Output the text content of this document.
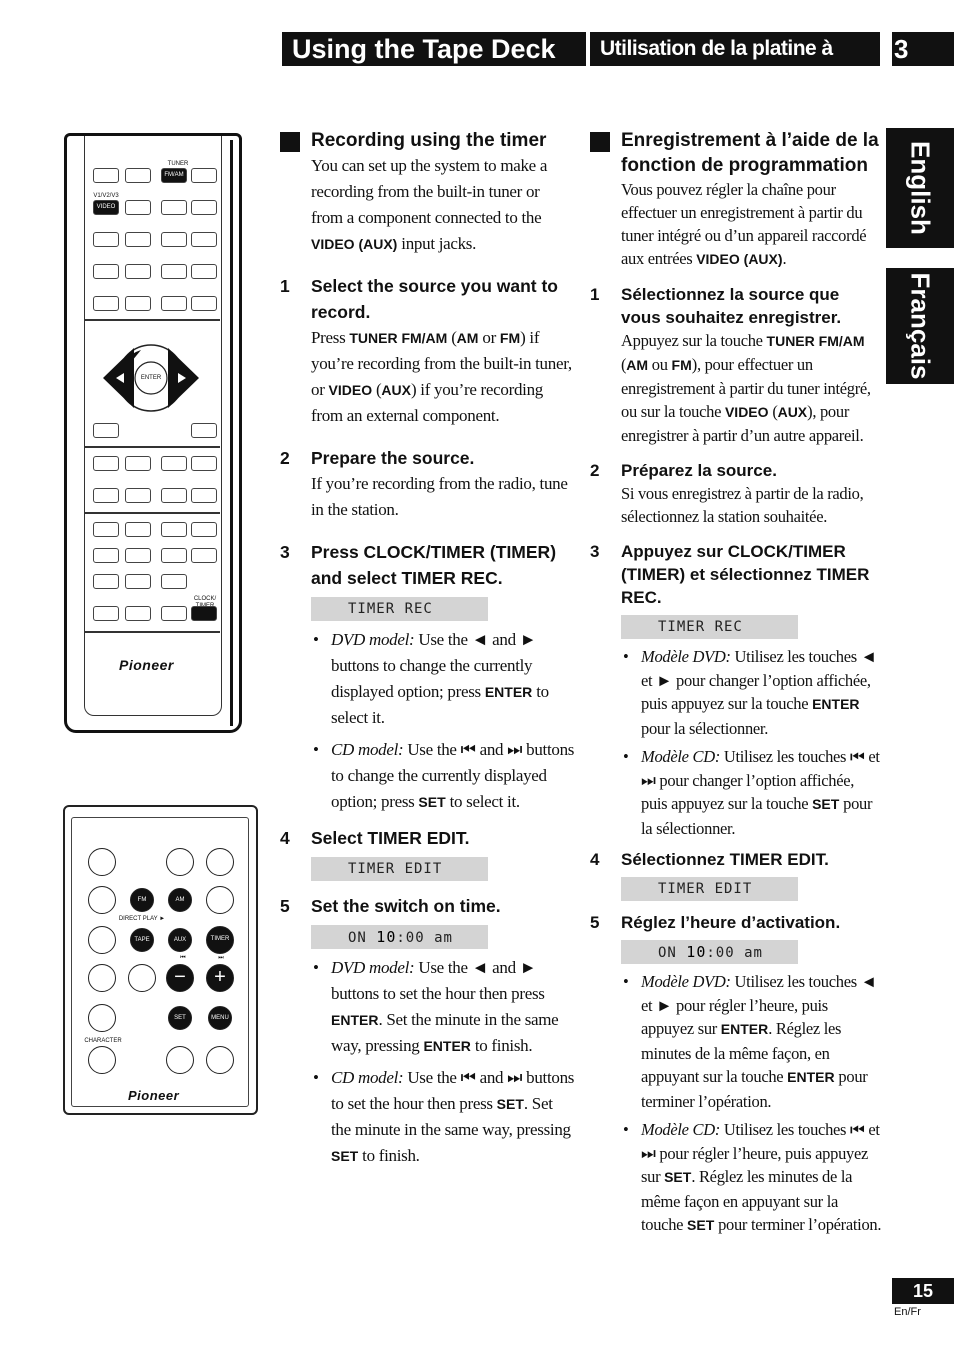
Using the Tape Deck	Utilisation de la platine à cassettes
3
English
Français
TUNER
FM/AM
V1/V2/V3
VIDEO
ENTER
CLOCK/
Pioneer
FM	AM
DIRECT PLAY ►
TAPE	AUX	TIMER
⏮	⏭
−	+
SET	MENU
CHARACTER
Pioneer
Recording using the timer
You can set up the system to make a recording from the built-in tuner or from a component connected to the VIDEO (AUX) input jacks.
1 Select the source you want to record.
Press TUNER FM/AM (AM or FM) if you’re recording from the built-in tuner, or VIDEO (AUX) if you’re recording from an external component.
2 Prepare the source.
If you’re recording from the radio, tune in the station.
3 Press CLOCK/TIMER (TIMER) and select TIMER REC.
TIMER REC
• DVD model: Use the ◄ and ► buttons to change the currently displayed option; press ENTER to select it.
• CD model: Use the ⏮ and ⏭ buttons to change the currently displayed option; press SET to select it.
4 Select TIMER EDIT.
TIMER EDIT
5 Set the switch on time.
ON 10:00 am
• DVD model: Use the ◄ and ► buttons to set the hour then press ENTER. Set the minute in the same way, pressing ENTER to finish.
• CD model: Use the ⏮ and ⏭ buttons to set the hour then press SET. Set the minute in the same way, pressing SET to finish.
Enregistrement à l’aide de la fonction de programmation
Vous pouvez régler la chaîne pour effectuer un enregistrement à partir du tuner intégré ou d’un appareil raccordé aux entrées VIDEO (AUX).
1 Sélectionnez la source que vous souhaitez enregistrer.
Appuyez sur la touche TUNER FM/AM (AM ou FM), pour effectuer un enregistrement à partir du tuner intégré, ou sur la touche VIDEO (AUX), pour enregistrer à partir d’un autre appareil.
2 Préparez la source.
Si vous enregistrez à partir de la radio, sélectionnez la station souhaitée.
3 Appuyez sur CLOCK/TIMER (TIMER) et sélectionnez TIMER REC.
TIMER REC
• Modèle DVD: Utilisez les touches ◄ et ► pour changer l’option affichée, puis appuyez sur la touche ENTER pour la sélectionner.
• Modèle CD: Utilisez les touches ⏮ et ⏭ pour changer l’option affichée, puis appuyez sur la touche SET pour la sélectionner.
4 Sélectionnez TIMER EDIT.
TIMER EDIT
5 Réglez l’heure d’activation.
ON 10:00 am
• Modèle DVD: Utilisez les touches ◄ et ► pour régler l’heure, puis appuyez sur ENTER. Réglez les minutes de la même façon, en appuyant sur la touche ENTER pour terminer l’opération.
• Modèle CD: Utilisez les touches ⏮ et ⏭ pour régler l’heure, puis appuyez sur SET. Réglez les minutes de la même façon en appuyant sur la touche SET pour terminer l’opération.
15
En/Fr
